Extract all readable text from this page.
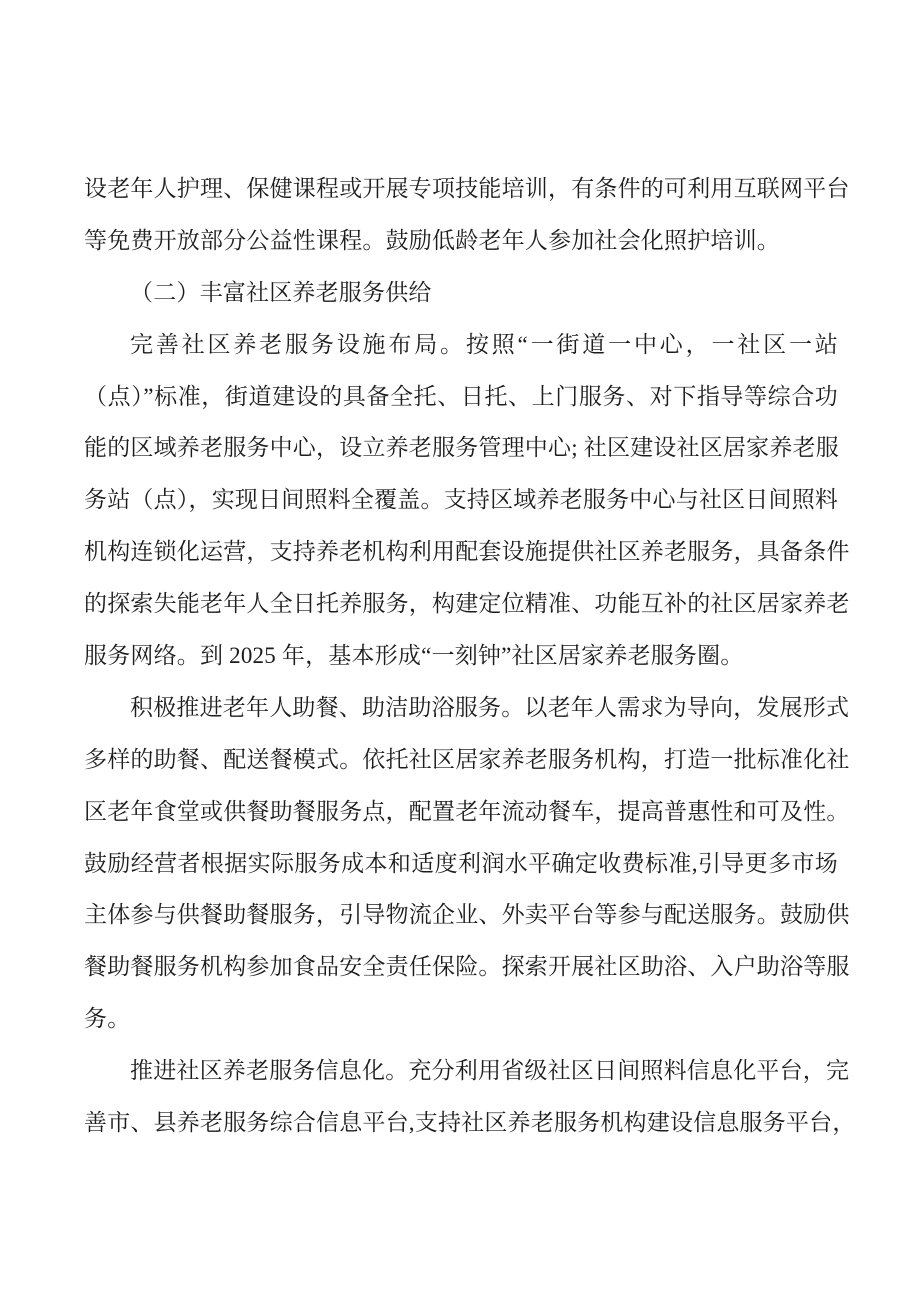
设老年人护理、保健课程或开展专项技能培训，有条件的可利用互联网平台
等免费开放部分公益性课程。鼓励低龄老年人参加社会化照护培训。
（二）丰富社区养老服务供给
完善社区养老服务设施布局。按照“一街道一中心，一社区一站
（点）”标准，街道建设的具备全托、日托、上门服务、对下指导等综合功
能的区域养老服务中心，设立养老服务管理中心; 社区建设社区居家养老服
务站（点），实现日间照料全覆盖。支持区域养老服务中心与社区日间照料
机构连锁化运营，支持养老机构利用配套设施提供社区养老服务，具备条件
的探索失能老年人全日托养服务，构建定位精准、功能互补的社区居家养老
服务网络。到 2025 年，基本形成“一刻钟”社区居家养老服务圈。
积极推进老年人助餐、助洁助浴服务。以老年人需求为导向，发展形式
多样的助餐、配送餐模式。依托社区居家养老服务机构，打造一批标准化社
区老年食堂或供餐助餐服务点，配置老年流动餐车，提高普惠性和可及性。
鼓励经营者根据实际服务成本和适度利润水平确定收费标准,引导更多市场
主体参与供餐助餐服务，引导物流企业、外卖平台等参与配送服务。鼓励供
餐助餐服务机构参加食品安全责任保险。探索开展社区助浴、入户助浴等服
务。
推进社区养老服务信息化。充分利用省级社区日间照料信息化平台，完
善市、县养老服务综合信息平台,支持社区养老服务机构建设信息服务平台，
